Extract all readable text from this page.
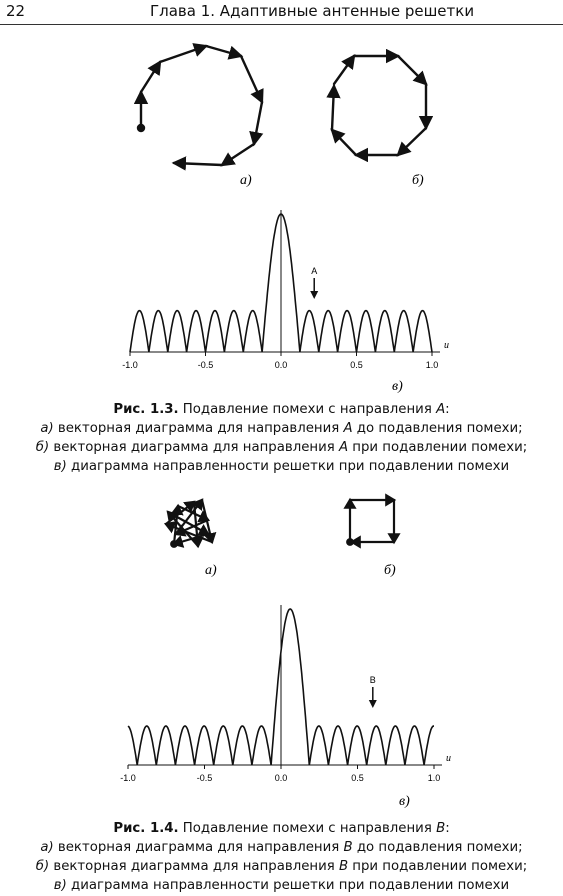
22	Глава 1. Адаптивные антенные решетки
а)	б)
-1.0	-0.5	0.0	0.5	1.0
u
A
в)
Рис. 1.3. Подавление помехи с направления A:
а) векторная диаграмма для направления A до подавления помехи;
б) векторная диаграмма для направления A при подавлении помехи;
в) диаграмма направленности решетки при подавлении помехи
а)	б)
-1.0	-0.5	0.0	0.5	1.0
u
B
в)
Рис. 1.4. Подавление помехи с направления B:
а) векторная диаграмма для направления B до подавления помехи;
б) векторная диаграмма для направления B при подавлении помехи;
в) диаграмма направленности решетки при подавлении помехи
